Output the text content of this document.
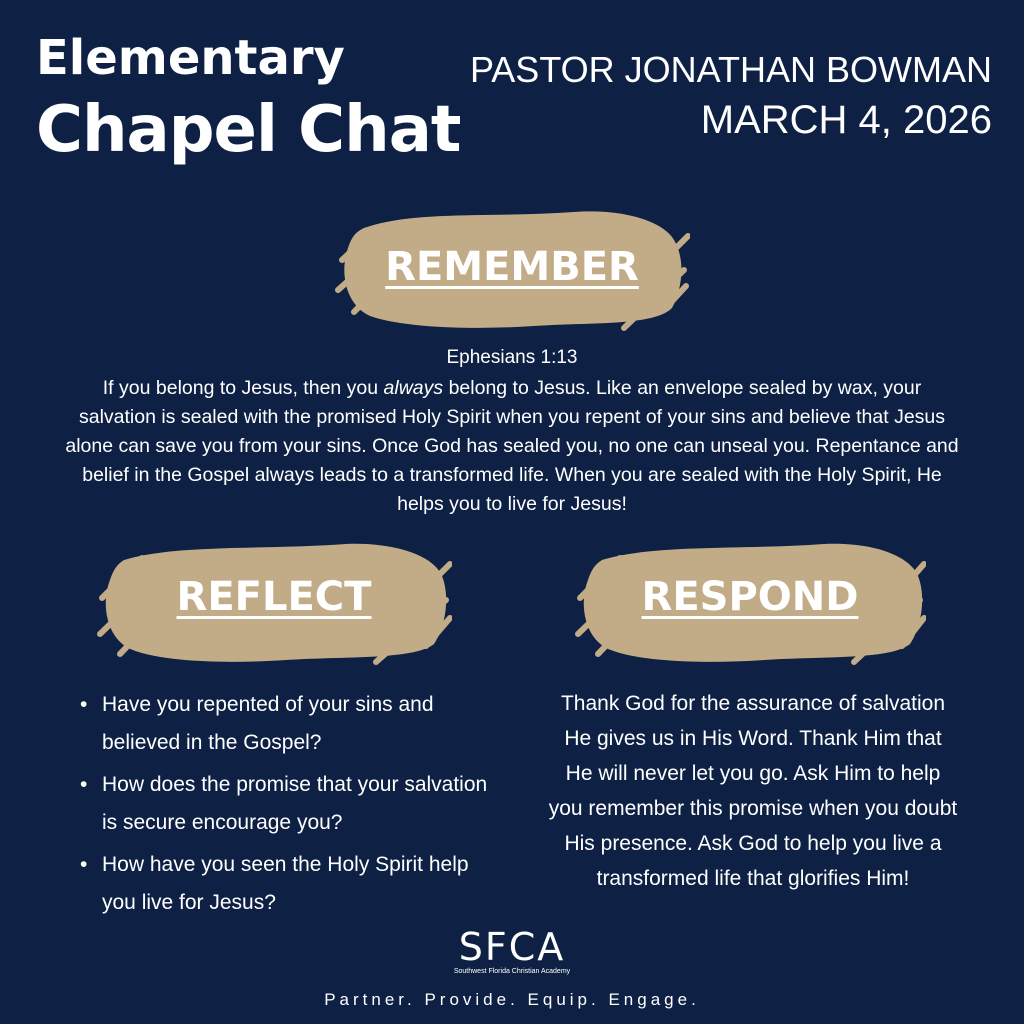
Elementary
Chapel Chat
PASTOR JONATHAN BOWMAN
MARCH 4, 2026
REMEMBER
Ephesians 1:13
If you belong to Jesus, then you always belong to Jesus. Like an envelope sealed by wax, your salvation is sealed with the promised Holy Spirit when you repent of your sins and believe that Jesus alone can save you from your sins. Once God has sealed you, no one can unseal you. Repentance and belief in the Gospel always leads to a transformed life. When you are sealed with the Holy Spirit, He helps you to live for Jesus!
REFLECT	RESPOND
• Have you repented of your sins and believed in the Gospel?
• How does the promise that your salvation is secure encourage you?
• How have you seen the Holy Spirit help you live for Jesus?
Thank God for the assurance of salvation He gives us in His Word. Thank Him that He will never let you go. Ask Him to help you remember this promise when you doubt His presence. Ask God to help you live a transformed life that glorifies Him!
SFCA
Southwest Florida Christian Academy
Partner. Provide. Equip. Engage.
